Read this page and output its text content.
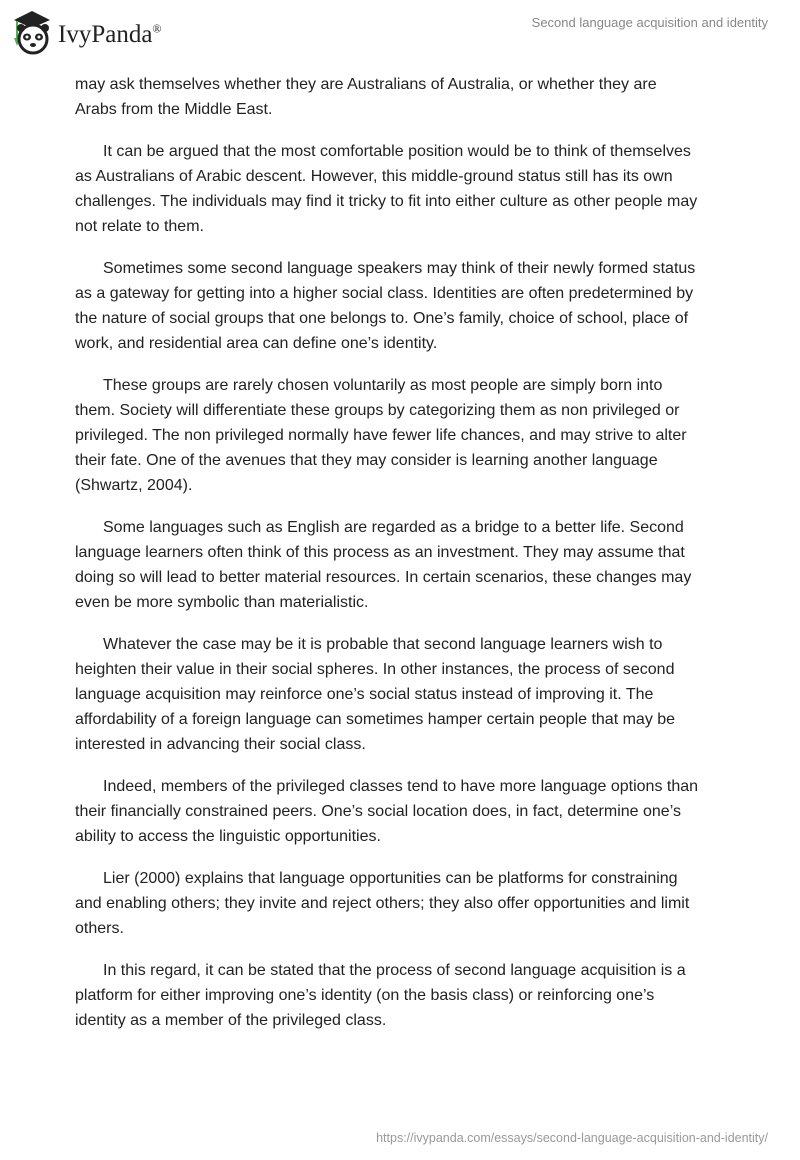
IvyPanda®	Second language acquisition and identity

may ask themselves whether they are Australians of Australia, or whether they are
Arabs from the Middle East.

It can be argued that the most comfortable position would be to think of themselves
as Australians of Arabic descent. However, this middle-ground status still has its own
challenges. The individuals may find it tricky to fit into either culture as other people may
not relate to them.

Sometimes some second language speakers may think of their newly formed status
as a gateway for getting into a higher social class. Identities are often predetermined by
the nature of social groups that one belongs to. One’s family, choice of school, place of
work, and residential area can define one’s identity.

These groups are rarely chosen voluntarily as most people are simply born into
them. Society will differentiate these groups by categorizing them as non privileged or
privileged. The non privileged normally have fewer life chances, and may strive to alter
their fate. One of the avenues that they may consider is learning another language
(Shwartz, 2004).

Some languages such as English are regarded as a bridge to a better life. Second
language learners often think of this process as an investment. They may assume that
doing so will lead to better material resources. In certain scenarios, these changes may
even be more symbolic than materialistic.

Whatever the case may be it is probable that second language learners wish to
heighten their value in their social spheres. In other instances, the process of second
language acquisition may reinforce one’s social status instead of improving it. The
affordability of a foreign language can sometimes hamper certain people that may be
interested in advancing their social class.

Indeed, members of the privileged classes tend to have more language options than
their financially constrained peers. One’s social location does, in fact, determine one’s
ability to access the linguistic opportunities.

Lier (2000) explains that language opportunities can be platforms for constraining
and enabling others; they invite and reject others; they also offer opportunities and limit
others.

In this regard, it can be stated that the process of second language acquisition is a
platform for either improving one’s identity (on the basis class) or reinforcing one’s
identity as a member of the privileged class.

https://ivypanda.com/essays/second-language-acquisition-and-identity/
